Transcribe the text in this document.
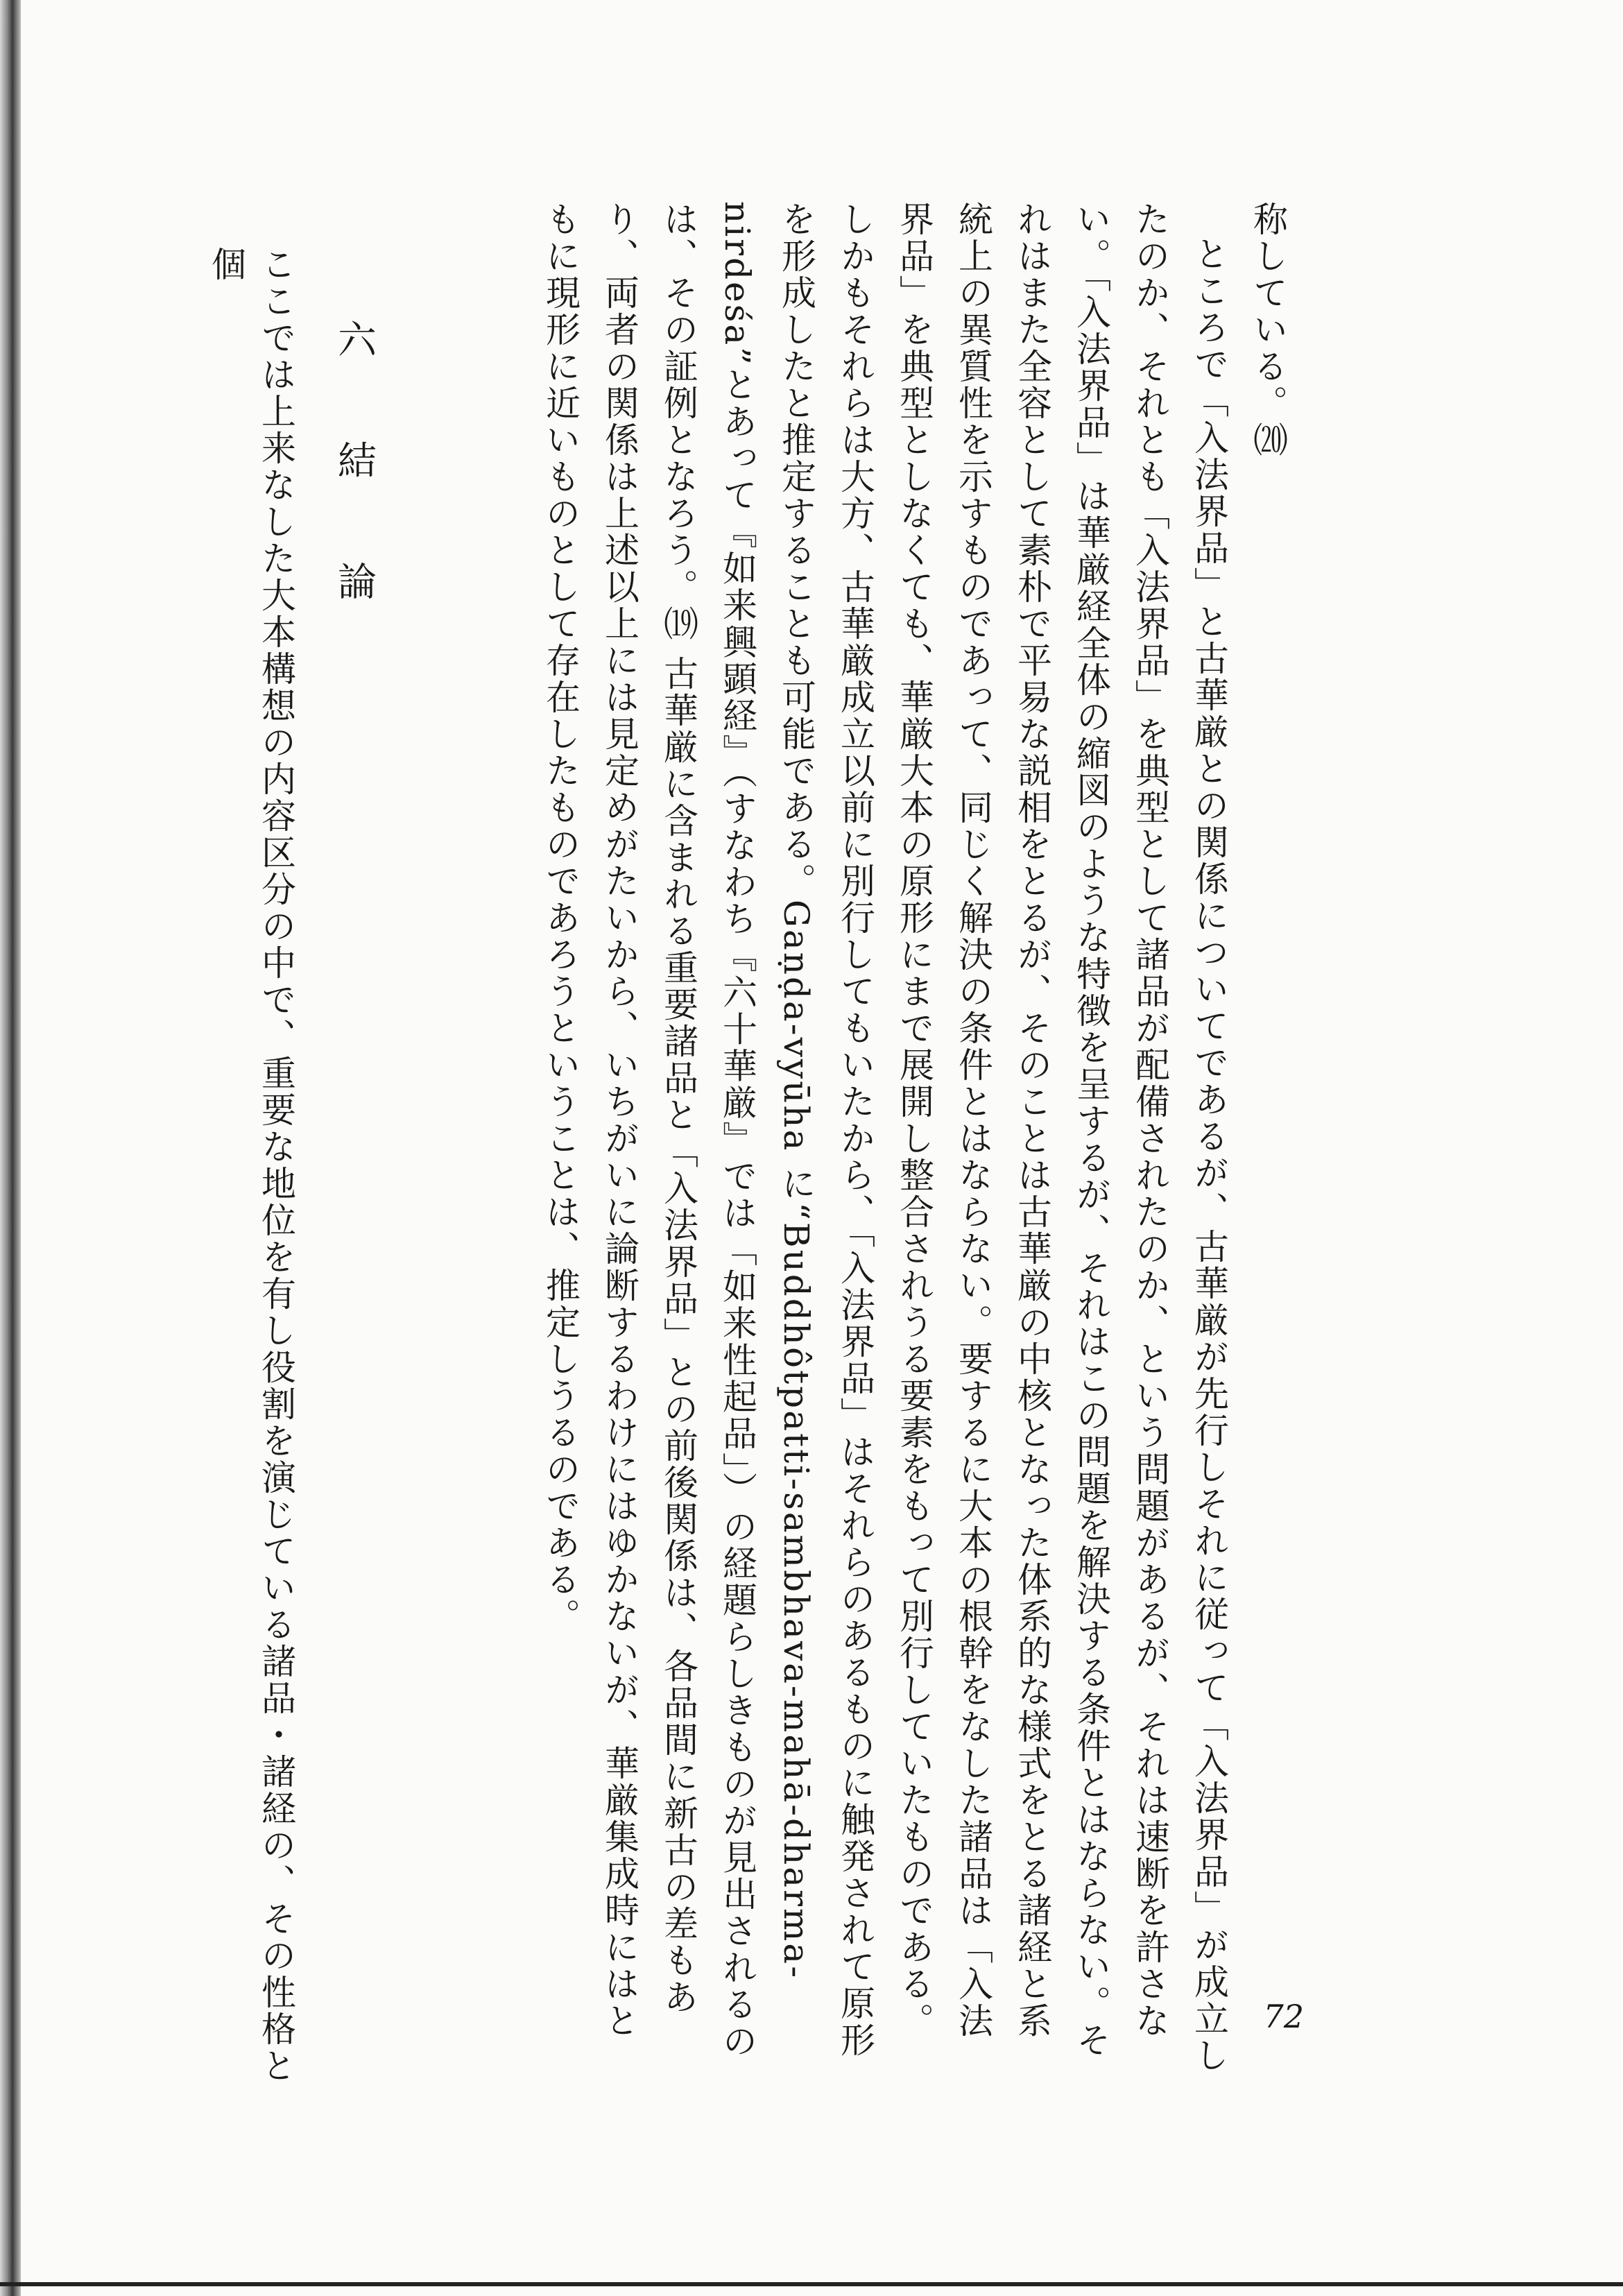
称している。⒇

ところで「入法界品」と古華厳との関係についてであるが、古華厳が先行しそれに従って「入法界品」が成立したのか、それとも「入法界品」を典型として諸品が配備されたのか、という問題があるが、それは速断を許さない。「入法界品」は華厳経全体の縮図のような特徴を呈するが、それはこの問題を解決する条件とはならない。それはまた全容として素朴で平易な説相をとるが、そのことは古華厳の中核となった体系的な様式をとる諸経と系統上の異質性を示すものであって、同じく解決の条件とはならない。要するに大本の根幹をなした諸品は「入法界品」を典型としなくても、華厳大本の原形にまで展開し整合されうる要素をもって別行していたものである。しかもそれらは大方、古華厳成立以前に別行してもいたから、「入法界品」はそれらのあるものに触発されて原形を形成したと推定することも可能である。Gaṇḍa-vyūha に“Buddhôtpatti-sambhava-mahā-dharma-nirdeśa”とあって『如来興顕経』（すなわち『六十華厳』では「如来性起品」）の経題らしきものが見出されるのは、その証例となろう。⒆ 古華厳に含まれる重要諸品と「入法界品」との前後関係は、各品間に新古の差もあり、両者の関係は上述以上には見定めがたいから、いちがいに論断するわけにはゆかないが、華厳集成時にはともに現形に近いものとして存在したものであろうということは、推定しうるのである。

六 結 論
ここでは上来なした大本構想の内容区分の中で、重要な地位を有し役割を演じている諸品・諸経の、その性格と個
72
